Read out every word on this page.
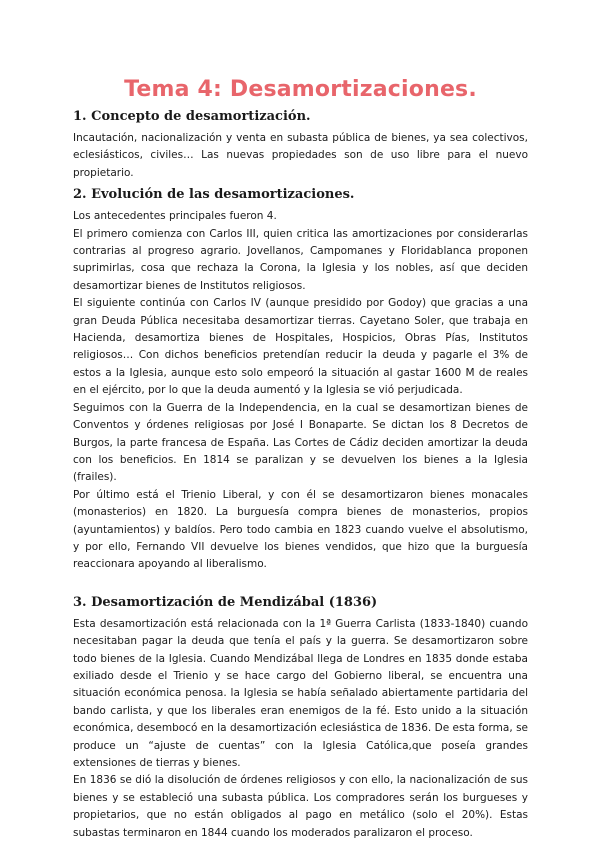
Tema 4: Desamortizaciones.
1. Concepto de desamortización.

Incautación, nacionalización y venta en subasta pública de bienes, ya sea colectivos, eclesiásticos, civiles… Las nuevas propiedades son de uso libre para el nuevo propietario.

2. Evolución de las desamortizaciones.

Los antecedentes principales fueron 4.

El primero comienza con Carlos III, quien critica las amortizaciones por considerarlas contrarias al progreso agrario. Jovellanos, Campomanes y Floridablanca proponen suprimirlas, cosa que rechaza la Corona, la Iglesia y los nobles, así que deciden desamortizar bienes de Institutos religiosos.

El siguiente continúa con Carlos IV (aunque presidido por Godoy) que gracias a una gran Deuda Pública necesitaba desamortizar tierras. Cayetano Soler, que trabaja en Hacienda, desamortiza bienes de Hospitales, Hospicios, Obras Pías, Institutos religiosos… Con dichos beneficios pretendían reducir la deuda y pagarle el 3% de estos a la Iglesia, aunque esto solo empeoró la situación al gastar 1600 M de reales en el ejército, por lo que la deuda aumentó y la Iglesia se vió perjudicada.

Seguimos con la Guerra de la Independencia, en la cual se desamortizan bienes de Conventos y órdenes religiosas por José I Bonaparte. Se dictan los 8 Decretos de Burgos, la parte francesa de España. Las Cortes de Cádiz deciden amortizar la deuda con los beneficios. En 1814 se paralizan y se devuelven los bienes a la Iglesia (frailes).

Por último está el Trienio Liberal, y con él se desamortizaron bienes monacales (monasterios) en 1820. La burguesía compra bienes de monasterios, propios (ayuntamientos) y baldíos. Pero todo cambia en 1823 cuando vuelve el absolutismo, y por ello, Fernando VII devuelve los bienes vendidos, que hizo que la burguesía reaccionara apoyando al liberalismo.

3. Desamortización de Mendizábal (1836)

Esta desamortización está relacionada con la 1ª Guerra Carlista (1833-1840) cuando necesitaban pagar la deuda que tenía el país y la guerra. Se desamortizaron sobre todo bienes de la Iglesia. Cuando Mendizábal llega de Londres en 1835 donde estaba exiliado desde el Trienio y se hace cargo del Gobierno liberal, se encuentra una situación económica penosa. la Iglesia se había señalado abiertamente partidaria del bando carlista, y que los liberales eran enemigos de la fé. Esto unido a la situación económica, desembocó en la desamortización eclesiástica de 1836. De esta forma, se produce un “ajuste de cuentas” con la Iglesia Católica,que poseía grandes extensiones de tierras y bienes.

En 1836 se dió la disolución de órdenes religiosos y con ello, la nacionalización de sus bienes y se estableció una subasta pública. Los compradores serán los burgueses y propietarios, que no están obligados al pago en metálico (solo el 20%). Estas subastas terminaron en 1844 cuando los moderados paralizaron el proceso.
